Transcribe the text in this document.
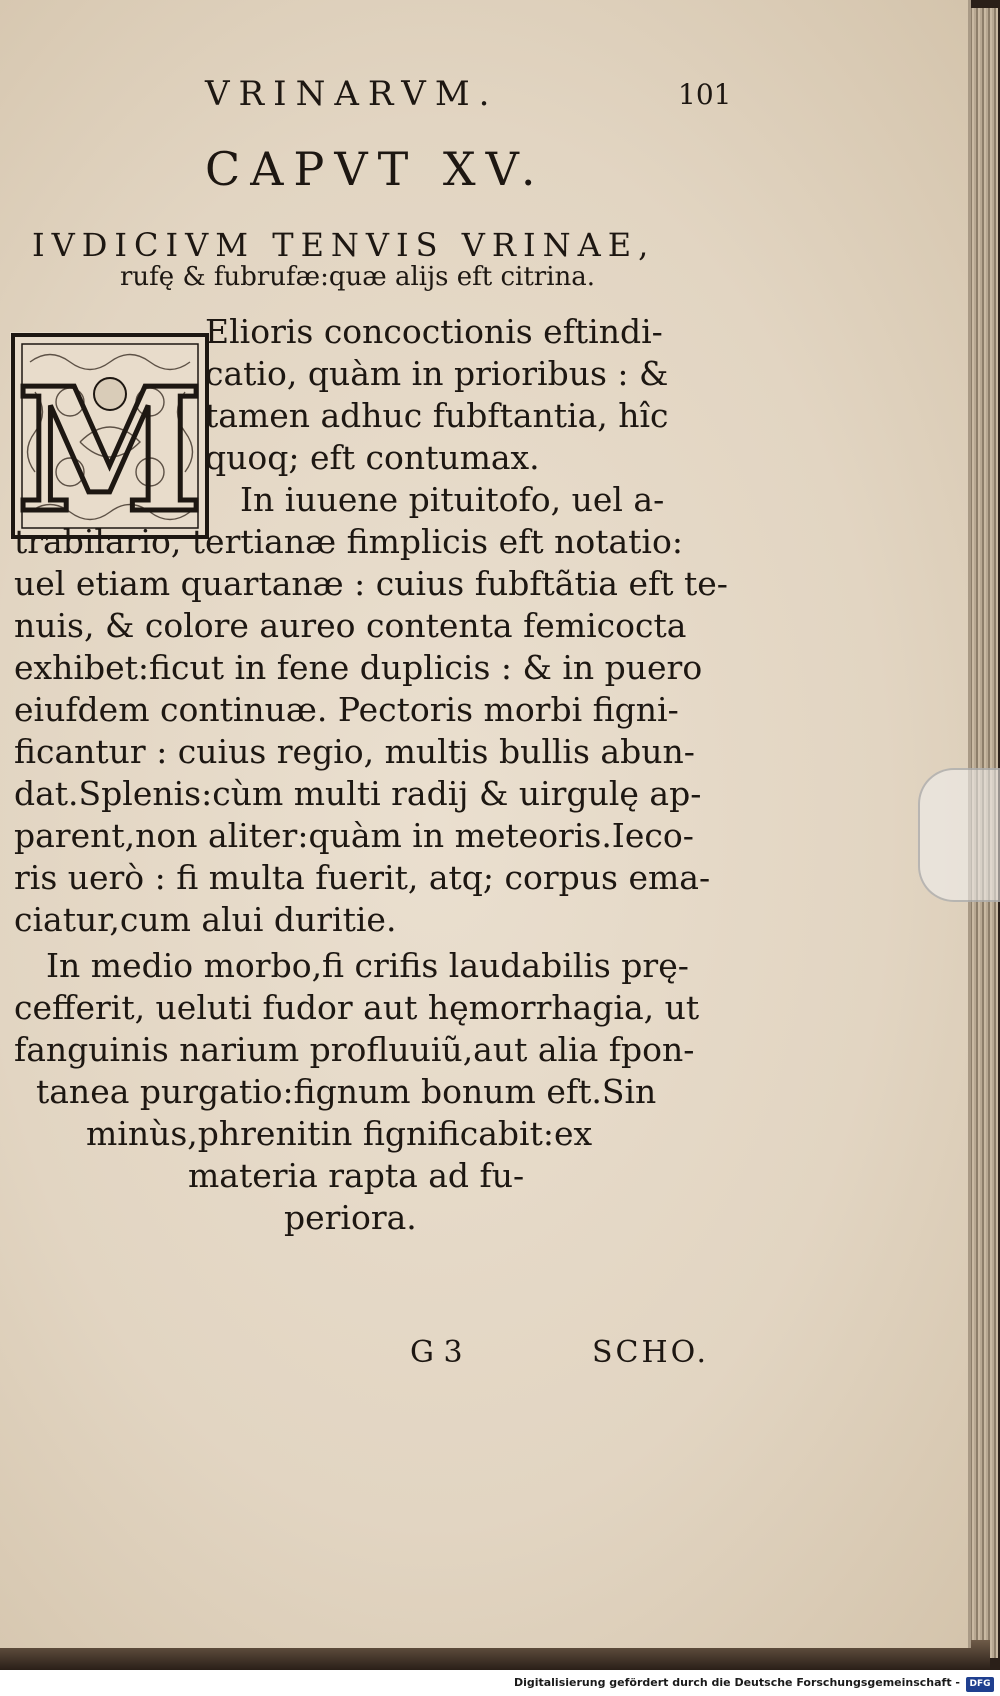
VRINARVM.	101
CAPVT XV.
IVDICIVM TENVIS VRINAE,
rufę & fubrufæ:quæ alijs eft citrina.
M
Elioris concoctionis eftindi-
catio, quàm in prioribus : &
tamen adhuc fubftantia, hîc
quoq; eft contumax.
In iuuene pituitofo, uel a-
trabilario, tertianæ fimplicis eft notatio:
uel etiam quartanæ : cuius fubftãtia eft te-
nuis, & colore aureo contenta femicocta
exhibet:ficut in fene duplicis : & in puero
eiufdem continuæ. Pectoris morbi figni-
ficantur : cuius regio, multis bullis abun-
dat.Splenis:cùm multi radij & uirgulę ap-
parent,non aliter:quàm in meteoris.Ieco-
ris uerò : fi multa fuerit, atq; corpus ema-
ciatur,cum alui duritie.
In medio morbo,fi crifis laudabilis prę-
cefferit, ueluti fudor aut hęmorrhagia, ut
fanguinis narium profluuiũ,aut alia fpon-
tanea purgatio:fignum bonum eft.Sin
minùs,phrenitin fignificabit:ex
materia rapta ad fu-
periora.
G 3	SCHO.
Digitalisierung gefördert durch die Deutsche Forschungsgemeinschaft -	DFG
